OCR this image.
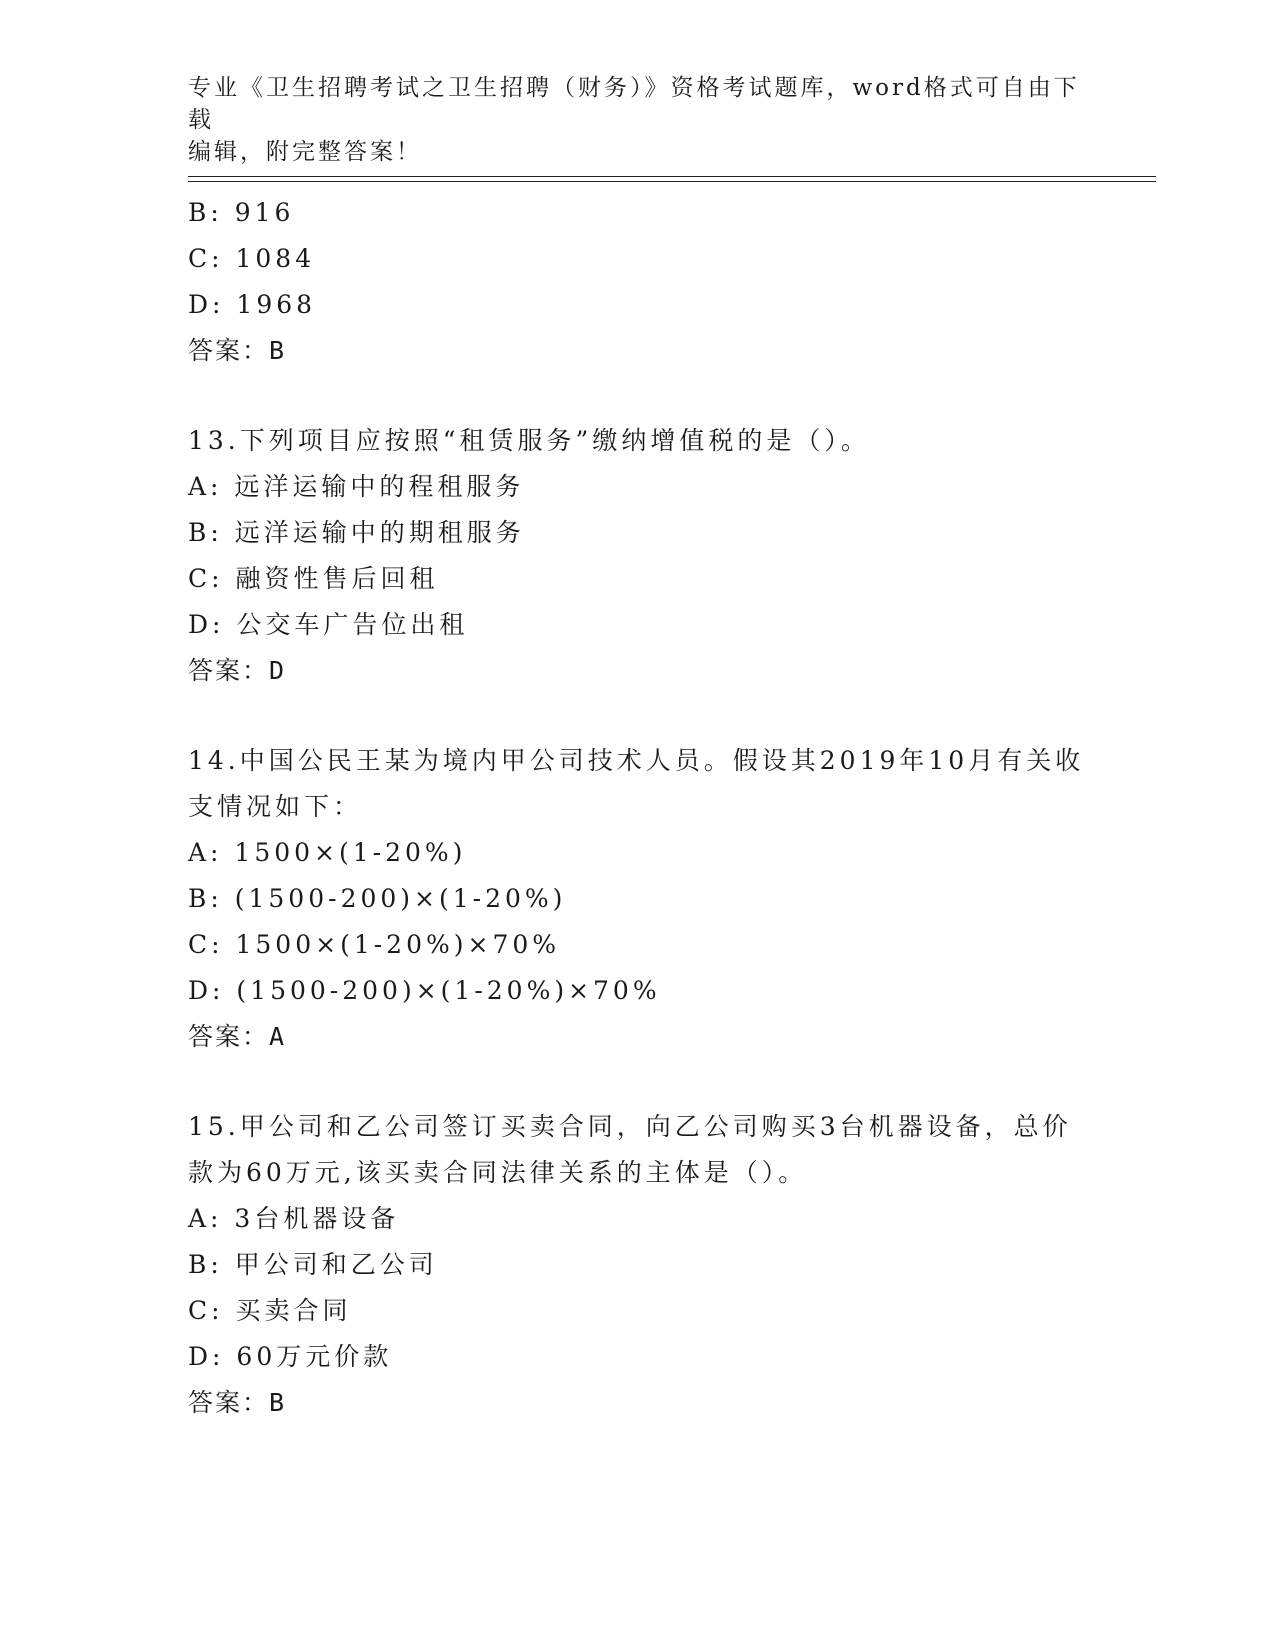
专业《卫生招聘考试之卫生招聘（财务）》资格考试题库，word格式可自由下载
编辑，附完整答案！
B: 916
C: 1084
D: 1968
答案：B
13.下列项目应按照“租赁服务”缴纳增值税的是（）。
A: 远洋运输中的程租服务
B: 远洋运输中的期租服务
C: 融资性售后回租
D: 公交车广告位出租
答案：D
14.中国公民王某为境内甲公司技术人员。假设其2019年10月有关收
支情况如下：
A: 1500×(1-20%)
B: (1500-200)×(1-20%)
C: 1500×(1-20%)×70%
D: (1500-200)×(1-20%)×70%
答案：A
15.甲公司和乙公司签订买卖合同，向乙公司购买3台机器设备，总价
款为60万元,该买卖合同法律关系的主体是（）。
A: 3台机器设备
B: 甲公司和乙公司
C: 买卖合同
D: 60万元价款
答案：B
